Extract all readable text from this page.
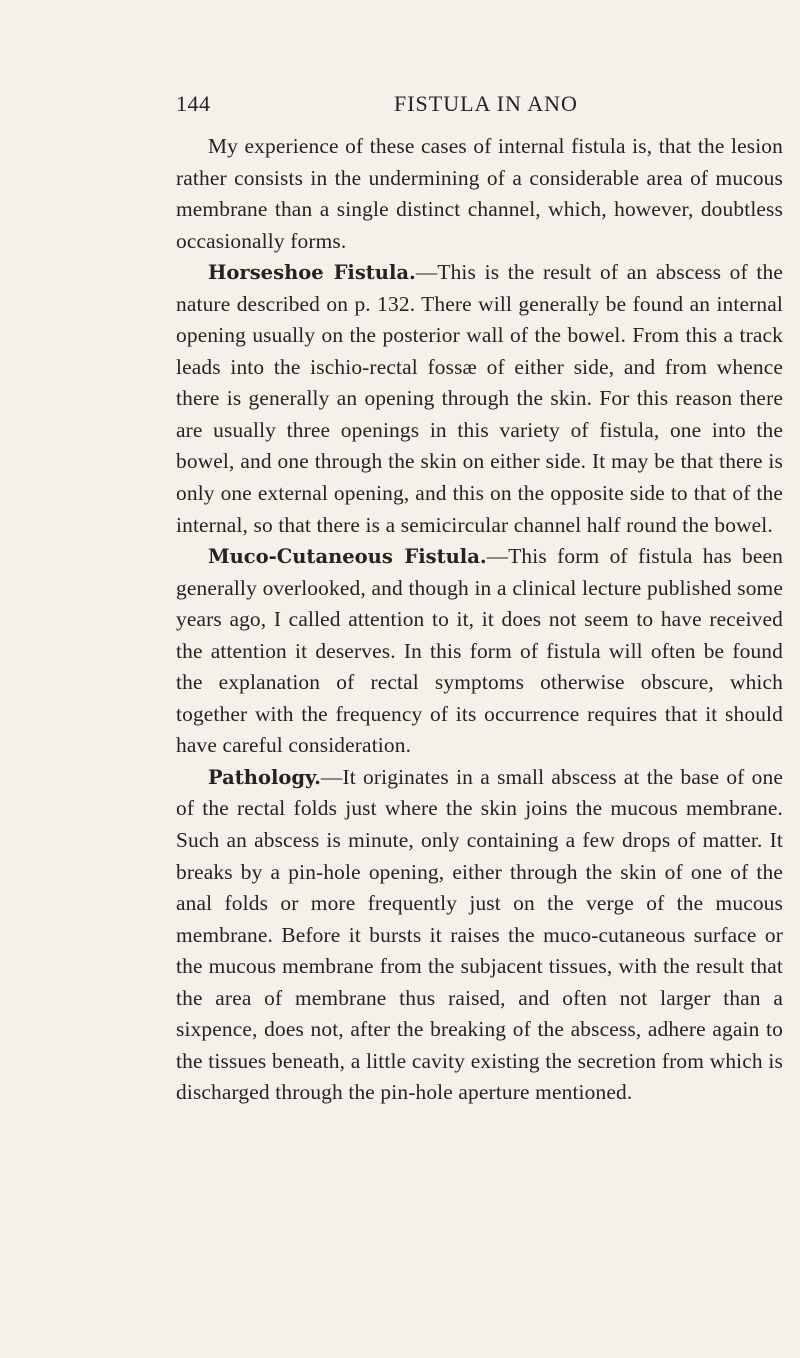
144	FISTULA IN ANO

My experience of these cases of internal fistula is, that the lesion rather consists in the undermining of a considerable area of mucous membrane than a single distinct channel, which, however, doubtless occasionally forms.

Horseshoe Fistula.—This is the result of an abscess of the nature described on p. 132. There will generally be found an internal opening usually on the posterior wall of the bowel. From this a track leads into the ischio-rectal fossæ of either side, and from whence there is generally an opening through the skin. For this reason there are usually three openings in this variety of fistula, one into the bowel, and one through the skin on either side. It may be that there is only one external opening, and this on the opposite side to that of the internal, so that there is a semicircular channel half round the bowel.

Muco-Cutaneous Fistula.—This form of fistula has been generally overlooked, and though in a clinical lecture published some years ago, I called attention to it, it does not seem to have received the attention it deserves. In this form of fistula will often be found the explanation of rectal symptoms otherwise obscure, which together with the frequency of its occurrence requires that it should have careful consideration.

Pathology.—It originates in a small abscess at the base of one of the rectal folds just where the skin joins the mucous membrane. Such an abscess is minute, only containing a few drops of matter. It breaks by a pin-hole opening, either through the skin of one of the anal folds or more frequently just on the verge of the mucous membrane. Before it bursts it raises the muco-cutaneous surface or the mucous membrane from the subjacent tissues, with the result that the area of membrane thus raised, and often not larger than a sixpence, does not, after the breaking of the abscess, adhere again to the tissues beneath, a little cavity existing the secretion from which is discharged through the pin-hole aperture mentioned.
